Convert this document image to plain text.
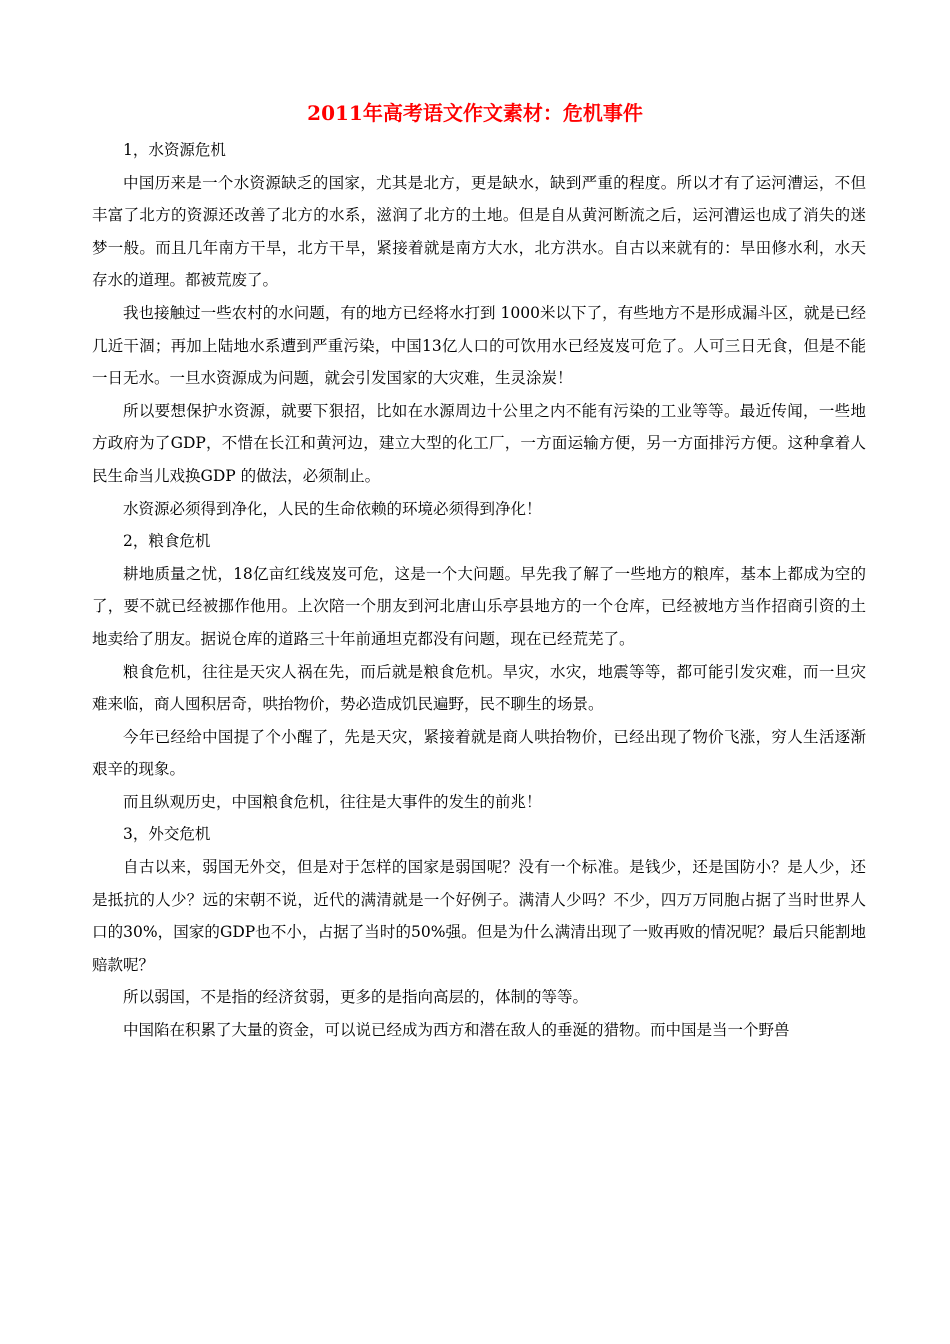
2011年高考语文作文素材：危机事件

1，水资源危机

中国历来是一个水资源缺乏的国家，尤其是北方，更是缺水，缺到严重的程度。所以才有了运河漕运，不但丰富了北方的资源还改善了北方的水系，滋润了北方的土地。但是自从黄河断流之后，运河漕运也成了消失的迷梦一般。而且几年南方干旱，北方干旱，紧接着就是南方大水，北方洪水。自古以来就有的：旱田修水利，水天存水的道理。都被荒废了。

我也接触过一些农村的水问题，有的地方已经将水打到 1000米以下了，有些地方不是形成漏斗区，就是已经几近干涸；再加上陆地水系遭到严重污染，中国13亿人口的可饮用水已经岌岌可危了。人可三日无食，但是不能一日无水。一旦水资源成为问题，就会引发国家的大灾难，生灵涂炭！

所以要想保护水资源，就要下狠招，比如在水源周边十公里之内不能有污染的工业等等。最近传闻，一些地方政府为了GDP，不惜在长江和黄河边，建立大型的化工厂，一方面运输方便，另一方面排污方便。这种拿着人民生命当儿戏换GDP 的做法，必须制止。

水资源必须得到净化，人民的生命依赖的环境必须得到净化！

2，粮食危机

耕地质量之忧，18亿亩红线岌岌可危，这是一个大问题。早先我了解了一些地方的粮库，基本上都成为空的了，要不就已经被挪作他用。上次陪一个朋友到河北唐山乐亭县地方的一个仓库，已经被地方当作招商引资的土地卖给了朋友。据说仓库的道路三十年前通坦克都没有问题，现在已经荒芜了。

粮食危机，往往是天灾人祸在先，而后就是粮食危机。旱灾，水灾，地震等等，都可能引发灾难，而一旦灾难来临，商人囤积居奇，哄抬物价，势必造成饥民遍野，民不聊生的场景。

今年已经给中国提了个小醒了，先是天灾，紧接着就是商人哄抬物价，已经出现了物价飞涨，穷人生活逐渐艰辛的现象。

而且纵观历史，中国粮食危机，往往是大事件的发生的前兆！

3，外交危机

自古以来，弱国无外交，但是对于怎样的国家是弱国呢？没有一个标准。是钱少，还是国防小？是人少，还是抵抗的人少？远的宋朝不说，近代的满清就是一个好例子。满清人少吗？不少，四万万同胞占据了当时世界人口的30%，国家的GDP也不小，占据了当时的50%强。但是为什么满清出现了一败再败的情况呢？最后只能割地赔款呢？

所以弱国，不是指的经济贫弱，更多的是指向高层的，体制的等等。

中国陷在积累了大量的资金，可以说已经成为西方和潜在敌人的垂涎的猎物。而中国是当一个野兽
